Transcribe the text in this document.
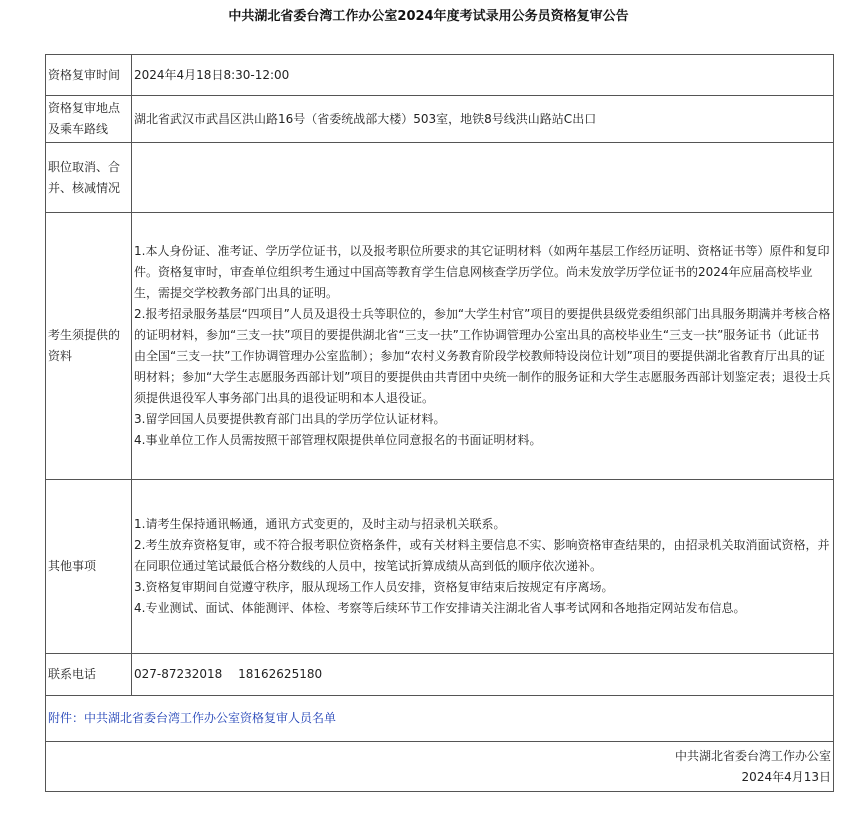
中共湖北省委台湾工作办公室2024年度考试录用公务员资格复审公告
资格复审时间	2024年4月18日8:30-12:00
资格复审地点及乘车路线	湖北省武汉市武昌区洪山路16号（省委统战部大楼）503室，地铁8号线洪山路站C出口
职位取消、合并、核减情况	
考生须提供的资料	1.本人身份证、准考证、学历学位证书，以及报考职位所要求的其它证明材料（如两年基层工作经历证明、资格证书等）原件和复印件。资格复审时，审查单位组织考生通过中国高等教育学生信息网核查学历学位。尚未发放学历学位证书的2024年应届高校毕业生，需提交学校教务部门出具的证明。

2.报考招录服务基层“四项目”人员及退役士兵等职位的，参加“大学生村官”项目的要提供县级党委组织部门出具服务期满并考核合格的证明材料，参加“三支一扶”项目的要提供湖北省“三支一扶”工作协调管理办公室出具的高校毕业生“三支一扶”服务证书（此证书由全国“三支一扶”工作协调管理办公室监制）；参加“农村义务教育阶段学校教师特设岗位计划”项目的要提供湖北省教育厅出具的证明材料；参加“大学生志愿服务西部计划”项目的要提供由共青团中央统一制作的服务证和大学生志愿服务西部计划鉴定表；退役士兵须提供退役军人事务部门出具的退役证明和本人退役证。

3.留学回国人员要提供教育部门出具的学历学位认证材料。

4.事业单位工作人员需按照干部管理权限提供单位同意报名的书面证明材料。

其他事项	1.请考生保持通讯畅通，通讯方式变更的，及时主动与招录机关联系。

2.考生放弃资格复审，或不符合报考职位资格条件，或有关材料主要信息不实、影响资格审查结果的，由招录机关取消面试资格，并在同职位通过笔试最低合格分数线的人员中，按笔试折算成绩从高到低的顺序依次递补。

3.资格复审期间自觉遵守秩序，服从现场工作人员安排，资格复审结束后按规定有序离场。

4.专业测试、面试、体能测评、体检、考察等后续环节工作安排请关注湖北省人事考试网和各地指定网站发布信息。

联系电话	027-87232018　 18162625180
附件：中共湖北省委台湾工作办公室资格复审人员名单	

中共湖北省委台湾工作办公室

2024年4月13日	
